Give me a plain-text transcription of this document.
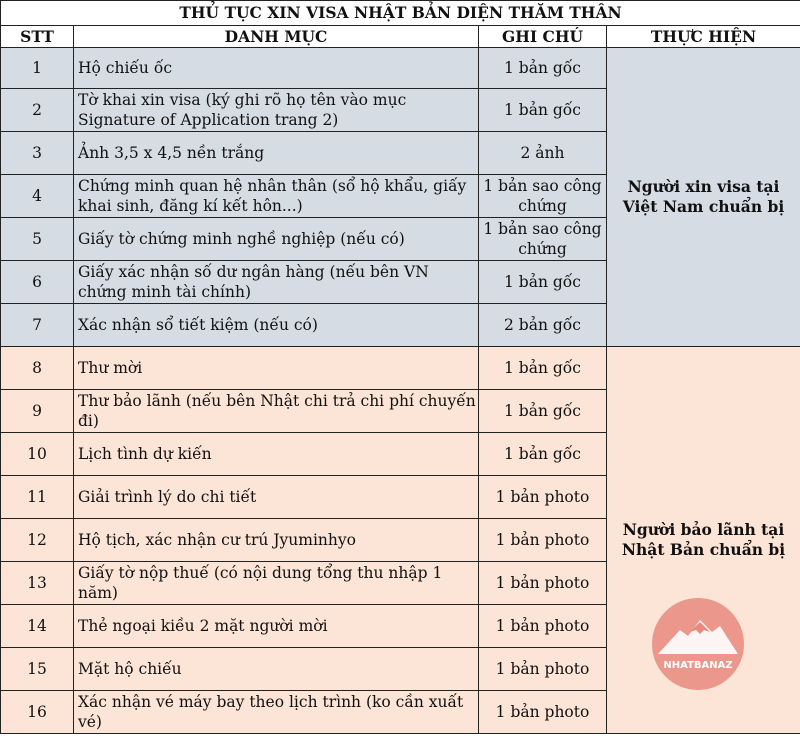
THỦ TỤC XIN VISA NHẬT BẢN DIỆN THĂM THÂN			
STT	DANH MỤC	GHI CHÚ	THỰC HIỆN
1	Hộ chiếu ốc	1 bản gốc	Người xin visa tại Việt Nam chuẩn bị
2	Tờ khai xin visa (ký ghi rõ họ tên vào mục Signature of Application trang 2)	1 bản gốc	
3	Ảnh 3,5 x 4,5 nền trắng	2 ảnh	
4	Chứng minh quan hệ nhân thân (sổ hộ khẩu, giấy khai sinh, đăng kí kết hôn...)	1 bản sao công chứng	
5	Giấy tờ chứng minh nghề nghiệp (nếu có)	1 bản sao công chứng	
6	Giấy xác nhận số dư ngân hàng (nếu bên VN chứng minh tài chính)	1 bản gốc	
7	Xác nhận sổ tiết kiệm (nếu có)	2 bản gốc	
8	Thư mời	1 bản gốc	Người bảo lãnh tại Nhật Bản chuẩn bị
9	Thư bảo lãnh (nếu bên Nhật chi trả chi phí chuyến đi)	1 bản gốc	
10	Lịch tình dự kiến	1 bản gốc	
11	Giải trình lý do chi tiết	1 bản photo	
12	Hộ tịch, xác nhận cư trú Jyuminhyo	1 bản photo	
13	Giấy tờ nộp thuế (có nội dung tổng thu nhập 1 năm)	1 bản photo	
14	Thẻ ngoại kiều 2 mặt người mời	1 bản photo	
15	Mặt hộ chiếu	1 bản photo	
16	Xác nhận vé máy bay theo lịch trình (ko cần xuất vé)	1 bản photo	
NHATBANAZ
